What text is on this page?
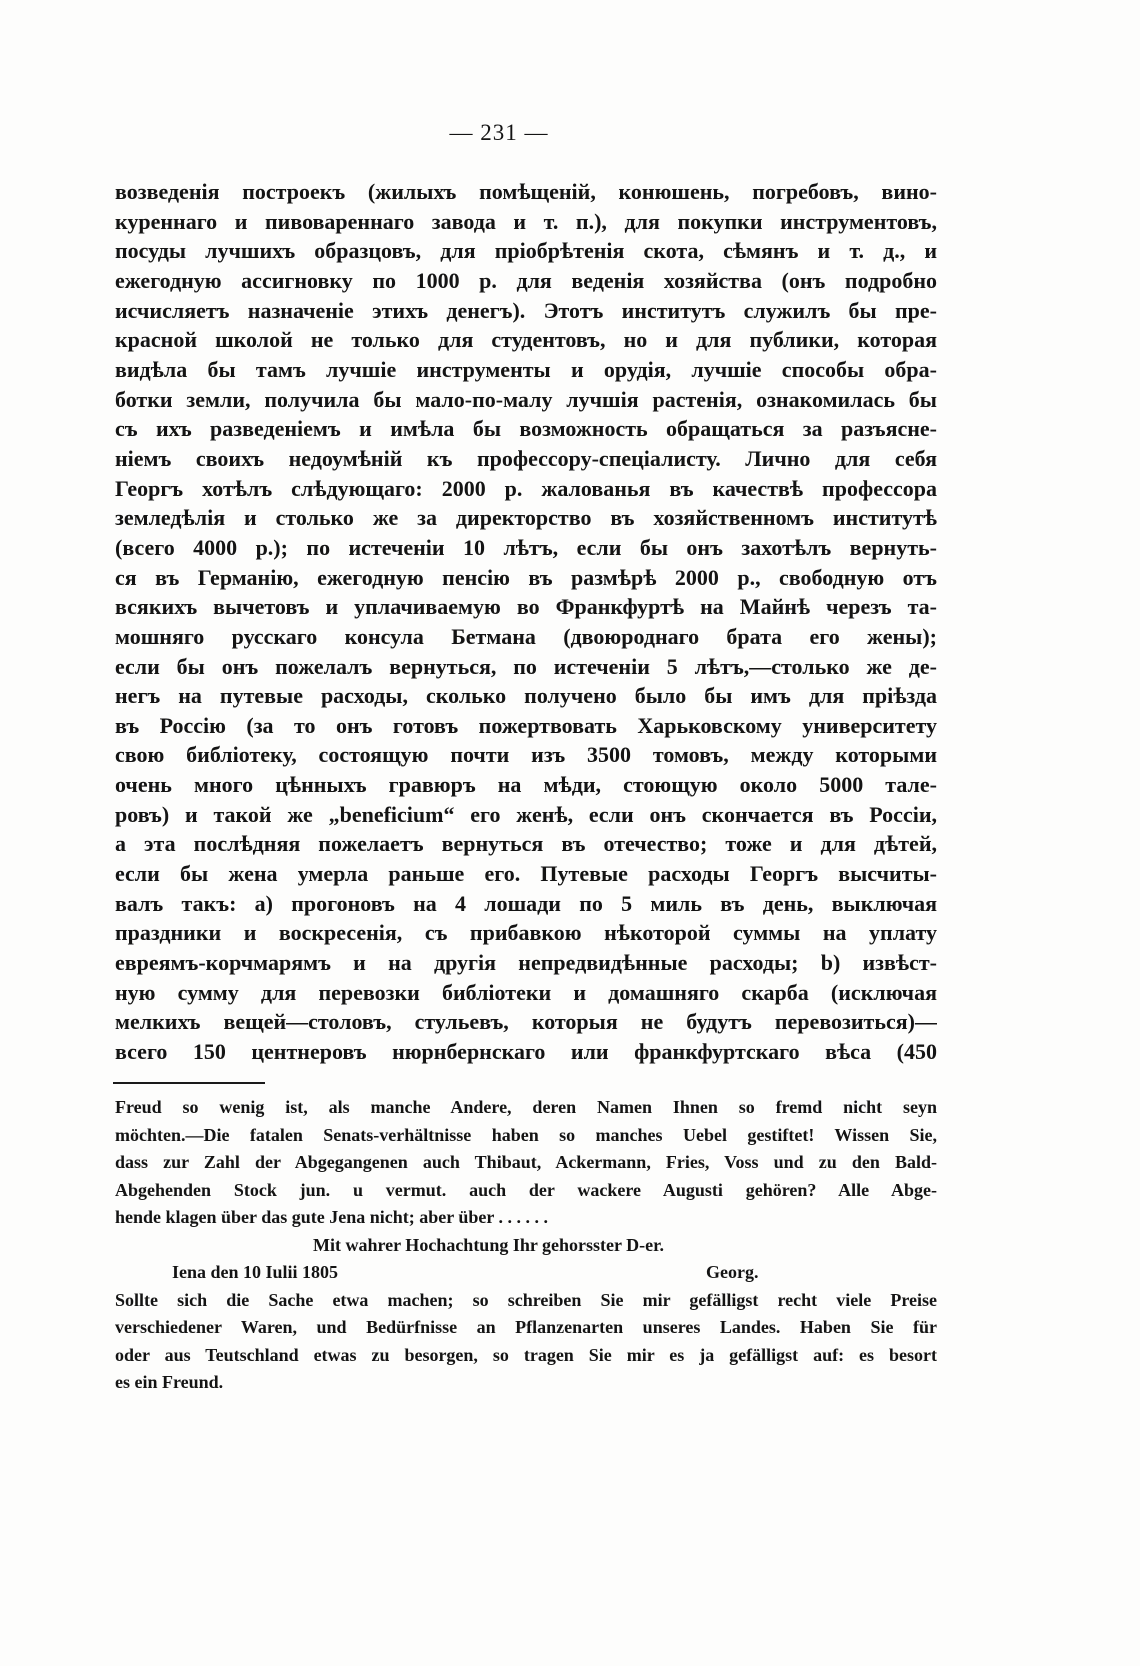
— 231 —
возведенія построекъ (жилыхъ помѣщеній, конюшень, погребовъ, вино-
куреннаго и пивовареннаго завода и т. п.), для покупки инструментовъ,
посуды лучшихъ образцовъ, для пріобрѣтенія скота, сѣмянъ и т. д., и
ежегодную ассигновку по 1000 р. для веденія хозяйства (онъ подробно
исчисляетъ назначеніе этихъ денегъ). Этотъ институтъ служилъ бы пре-
красной школой не только для студентовъ, но и для публики, которая
видѣла бы тамъ лучшіе инструменты и орудія, лучшіе способы обра-
ботки земли, получила бы мало-по-малу лучшія растенія, ознакомилась бы
съ ихъ разведеніемъ и имѣла бы возможность обращаться за разъясне-
ніемъ своихъ недоумѣній къ профессору-спеціалисту. Лично для себя
Георгъ хотѣлъ слѣдующаго: 2000 р. жалованья въ качествѣ профессора
земледѣлія и столько же за директорство въ хозяйственномъ институтѣ
(всего 4000 р.); по истеченіи 10 лѣтъ, если бы онъ захотѣлъ вернуть-
ся въ Германію, ежегодную пенсію въ размѣрѣ 2000 р., свободную отъ
всякихъ вычетовъ и уплачиваемую во Франкфуртѣ на Майнѣ черезъ та-
мошняго русскаго консула Бетмана (двоюроднаго брата его жены);
если бы онъ пожелалъ вернуться, по истеченіи 5 лѣтъ,—столько же де-
негъ на путевые расходы, сколько получено было бы имъ для пріѣзда
въ Россію (за то онъ готовъ пожертвовать Харьковскому университету
свою библіотеку, состоящую почти изъ 3500 томовъ, между которыми
очень много цѣнныхъ гравюръ на мѣди, стоющую около 5000 тале-
ровъ) и такой же „beneficium“ его женѣ, если онъ скончается въ Россіи,
а эта послѣдняя пожелаетъ вернуться въ отечество; тоже и для дѣтей,
если бы жена умерла раньше его. Путевые расходы Георгъ высчиты-
валъ такъ: а) прогоновъ на 4 лошади по 5 миль въ день, выключая
праздники и воскресенія, съ прибавкою нѣкоторой суммы на уплату
евреямъ-корчмарямъ и на другія непредвидѣнные расходы; b) извѣст-
ную сумму для перевозки библіотеки и домашняго скарба (исключая
мелкихъ вещей—столовъ, стульевъ, которыя не будутъ перевозиться)—
всего 150 центнеровъ нюрнбернскаго или франкфуртскаго вѣса (450
Freud so wenig ist, als manche Andere, deren Namen Ihnen so fremd nicht seyn
möchten.—Die fatalen Senats-verhältnisse haben so manches Uebel gestiftet! Wissen Sie,
dass zur Zahl der Abgegangenen auch Thibaut, Ackermann, Fries, Voss und zu den Bald-
Abgehenden Stock jun. u vermut. auch der wackere Augusti gehören? Alle Abge-
hende klagen über das gute Jena nicht; aber über . . . . . .
Mit wahrer Hochachtung Ihr gehorsster D-er.
Iena den 10 Iulii 1805	Georg.
Sollte sich die Sache etwa machen; so schreiben Sie mir gefälligst recht viele Preise
verschiedener Waren, und Bedürfnisse an Pflanzenarten unseres Landes. Haben Sie für
oder aus Teutschland etwas zu besorgen, so tragen Sie mir es ja gefälligst auf: es besort
es ein Freund.
